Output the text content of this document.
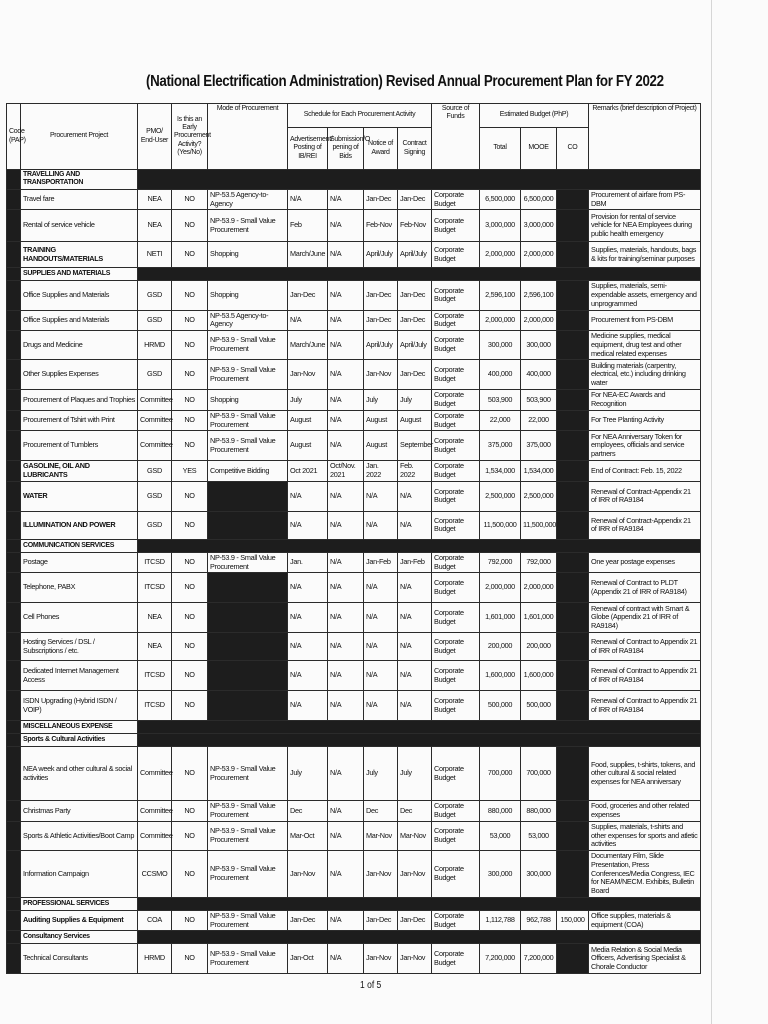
(National Electrification Administration) Revised Annual Procurement Plan for FY 2022
Code (PAP)	Procurement Project	PMO/ End-User	Is this an Early Procurement Activity? (Yes/No)	Mode of Procurement	Schedule for Each Procurement Activity				Source of Funds	Estimated Budget (PhP)			Remarks (brief description of Project)
					Advertisement/ Posting of IB/REI	Submission/O pening of Bids	Notice of Award	Contract Signing		Total	MOOE	CO	
	TRAVELLING AND TRANSPORTATION												
	Travel fare	NEA	NO	NP-53.5 Agency-to-Agency	N/A	N/A	Jan-Dec	Jan-Dec	Corporate Budget	6,500,000	6,500,000		Procurement of airfare from PS-DBM
	Rental of service vehicle	NEA	NO	NP-53.9 - Small Value Procurement	Feb	N/A	Feb-Nov	Feb-Nov	Corporate Budget	3,000,000	3,000,000		Provision for rental of service vehicle for NEA Employees during public health emergency
	TRAINING HANDOUTS/MATERIALS	NETI	NO	Shopping	March/June	N/A	April/July	April/July	Corporate Budget	2,000,000	2,000,000		Supplies, materials, handouts, bags & kits for training/seminar purposes
	SUPPLIES AND MATERIALS												
	Office Supplies and Materials	GSD	NO	Shopping	Jan-Dec	N/A	Jan-Dec	Jan-Dec	Corporate Budget	2,596,100	2,596,100		Supplies, materials, semi-expendable assets, emergency and unprogrammed
	Office Supplies and Materials	GSD	NO	NP-53.5 Agency-to-Agency	N/A	N/A	Jan-Dec	Jan-Dec	Corporate Budget	2,000,000	2,000,000		Procurement from PS-DBM
	Drugs and Medicine	HRMD	NO	NP-53.9 - Small Value Procurement	March/June	N/A	April/July	April/July	Corporate Budget	300,000	300,000		Medicine supplies, medical equipment, drug test and other medical related expenses
	Other Supplies Expenses	GSD	NO	NP-53.9 - Small Value Procurement	Jan-Nov	N/A	Jan-Nov	Jan-Dec	Corporate Budget	400,000	400,000		Building materials (carpentry, electrical, etc.) including drinking water
	Procurement of Plaques and Trophies	Committee	NO	Shopping	July	N/A	July	July	Corporate Budget	503,900	503,900		For NEA-EC Awards and Recognition
	Procurement of Tshirt with Print	Committee	NO	NP-53.9 - Small Value Procurement	August	N/A	August	August	Corporate Budget	22,000	22,000		For Tree Planting Activity
	Procurement of Tumblers	Committee	NO	NP-53.9 - Small Value Procurement	August	N/A	August	September	Corporate Budget	375,000	375,000		For NEA Anniversary Token for employees, officials and service partners
	GASOLINE, OIL AND LUBRICANTS	GSD	YES	Competitive Bidding	Oct 2021	Oct/Nov. 2021	Jan. 2022	Feb. 2022	Corporate Budget	1,534,000	1,534,000		End of Contract: Feb. 15, 2022
	WATER	GSD	NO		N/A	N/A	N/A	N/A	Corporate Budget	2,500,000	2,500,000		Renewal of Contract-Appendix 21 of IRR of RA9184
	ILLUMINATION AND POWER	GSD	NO		N/A	N/A	N/A	N/A	Corporate Budget	11,500,000	11,500,000		Renewal of Contract-Appendix 21 of IRR of RA9184
	COMMUNICATION SERVICES												
	Postage	ITCSD	NO	NP-53.9 - Small Value Procurement	Jan.	N/A	Jan-Feb	Jan-Feb	Corporate Budget	792,000	792,000		One year postage expenses
	Telephone, PABX	ITCSD	NO		N/A	N/A	N/A	N/A	Corporate Budget	2,000,000	2,000,000		Renewal of Contract to PLDT (Appendix 21 of IRR of RA9184)
	Cell Phones	NEA	NO		N/A	N/A	N/A	N/A	Corporate Budget	1,601,000	1,601,000		Renewal of contract with Smart & Globe (Appendix 21 of IRR of RA9184)
	Hosting Services / DSL / Subscriptions / etc.	NEA	NO		N/A	N/A	N/A	N/A	Corporate Budget	200,000	200,000		Renewal of Contract to Appendix 21 of IRR of RA9184
	Dedicated Internet Management Access	ITCSD	NO		N/A	N/A	N/A	N/A	Corporate Budget	1,600,000	1,600,000		Renewal of Contract to Appendix 21 of IRR of RA9184
	ISDN Upgrading (Hybrid ISDN / VOIP)	ITCSD	NO		N/A	N/A	N/A	N/A	Corporate Budget	500,000	500,000		Renewal of Contract to Appendix 21 of IRR of RA9184
	MISCELLANEOUS EXPENSE												
	Sports & Cultural Activities												
	NEA week and other cultural & social activities	Committee	NO	NP-53.9 - Small Value Procurement	July	N/A	July	July	Corporate Budget	700,000	700,000		Food, supplies, t-shirts, tokens, and other cultural & social related expenses for NEA anniversary
	Christmas Party	Committee	NO	NP-53.9 - Small Value Procurement	Dec	N/A	Dec	Dec	Corporate Budget	880,000	880,000		Food, groceries and other related expenses
	Sports & Athletic Activities/Boot Camp	Committee	NO	NP-53.9 - Small Value Procurement	Mar-Oct	N/A	Mar-Nov	Mar-Nov	Corporate Budget	53,000	53,000		Supplies, materials, t-shirts and other expenses for sports and atletic activities
	Information Campaign	CCSMO	NO	NP-53.9 - Small Value Procurement	Jan-Nov	N/A	Jan-Nov	Jan-Nov	Corporate Budget	300,000	300,000		Documentary Film, Slide Presentation, Press Conferences/Media Congress, IEC for NEAM/NECM. Exhibits, Bulletin Board
	PROFESSIONAL SERVICES												
	Auditing Supplies & Equipment	COA	NO	NP-53.9 - Small Value Procurement	Jan-Dec	N/A	Jan-Dec	Jan-Dec	Corporate Budget	1,112,788	962,788	150,000	Office supplies, materials & equipment (COA)
	Consultancy Services												
	Technical Consultants	HRMD	NO	NP-53.9 - Small Value Procurement	Jan-Oct	N/A	Jan-Nov	Jan-Nov	Corporate Budget	7,200,000	7,200,000		Media Relation & Social Media Officers, Advertising Specialist & Chorale Conductor
1 of 5
